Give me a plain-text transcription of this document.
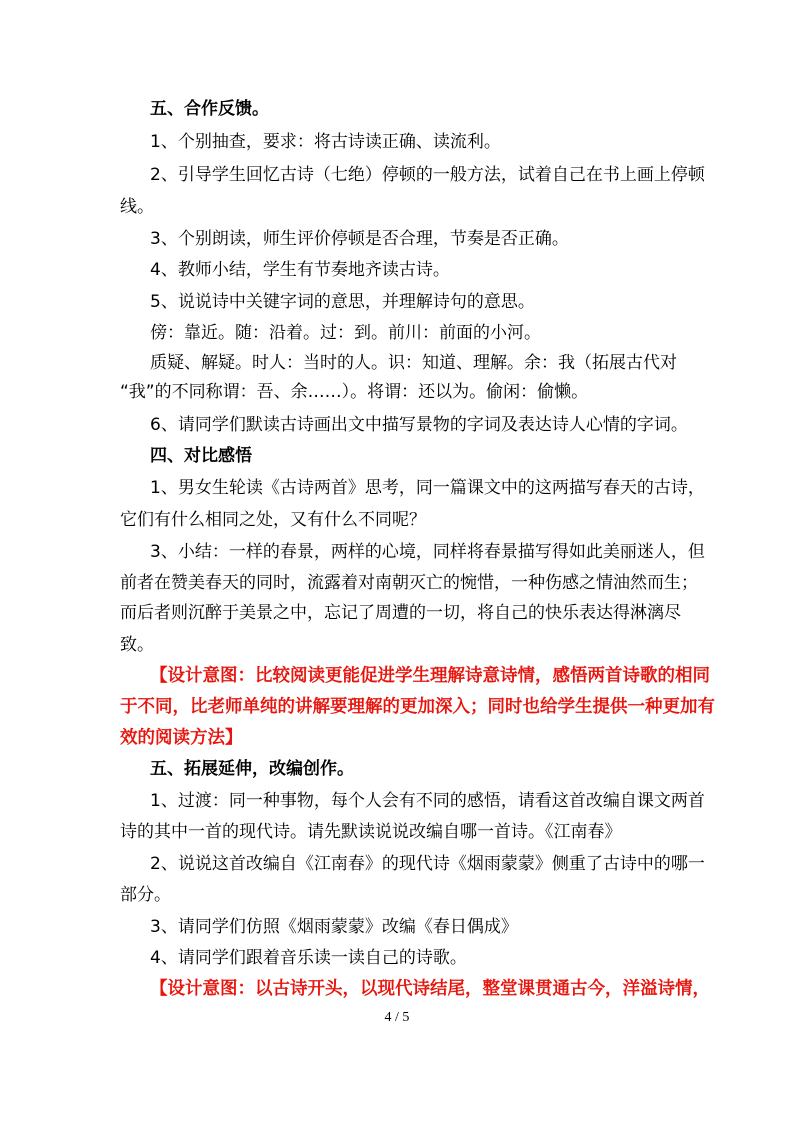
五、合作反馈。
1、个别抽查，要求：将古诗读正确、读流利。
2、引导学生回忆古诗（七绝）停顿的一般方法，试着自己在书上画上停顿
线。
3、个别朗读，师生评价停顿是否合理，节奏是否正确。
4、教师小结，学生有节奏地齐读古诗。
5、说说诗中关键字词的意思，并理解诗句的意思。
傍：靠近。随：沿着。过：到。前川：前面的小河。
质疑、解疑。时人：当时的人。识：知道、理解。余：我（拓展古代对
“我”的不同称谓：吾、余……）。将谓：还以为。偷闲：偷懒。
6、请同学们默读古诗画出文中描写景物的字词及表达诗人心情的字词。
四、对比感悟
1、男女生轮读《古诗两首》思考，同一篇课文中的这两描写春天的古诗，
它们有什么相同之处，又有什么不同呢？
3、小结：一样的春景，两样的心境，同样将春景描写得如此美丽迷人，但
前者在赞美春天的同时，流露着对南朝灭亡的惋惜，一种伤感之情油然而生；
而后者则沉醉于美景之中，忘记了周遭的一切，将自己的快乐表达得淋漓尽
致。
【设计意图：比较阅读更能促进学生理解诗意诗情，感悟两首诗歌的相同
于不同，比老师单纯的讲解要理解的更加深入；同时也给学生提供一种更加有
效的阅读方法】
五、拓展延伸，改编创作。
1、过渡：同一种事物，每个人会有不同的感悟，请看这首改编自课文两首
诗的其中一首的现代诗。请先默读说说改编自哪一首诗。《江南春》
2、说说这首改编自《江南春》的现代诗《烟雨蒙蒙》侧重了古诗中的哪一
部分。
3、请同学们仿照《烟雨蒙蒙》改编《春日偶成》
4、请同学们跟着音乐读一读自己的诗歌。
【设计意图：以古诗开头，以现代诗结尾，整堂课贯通古今，洋溢诗情，
4 / 5
